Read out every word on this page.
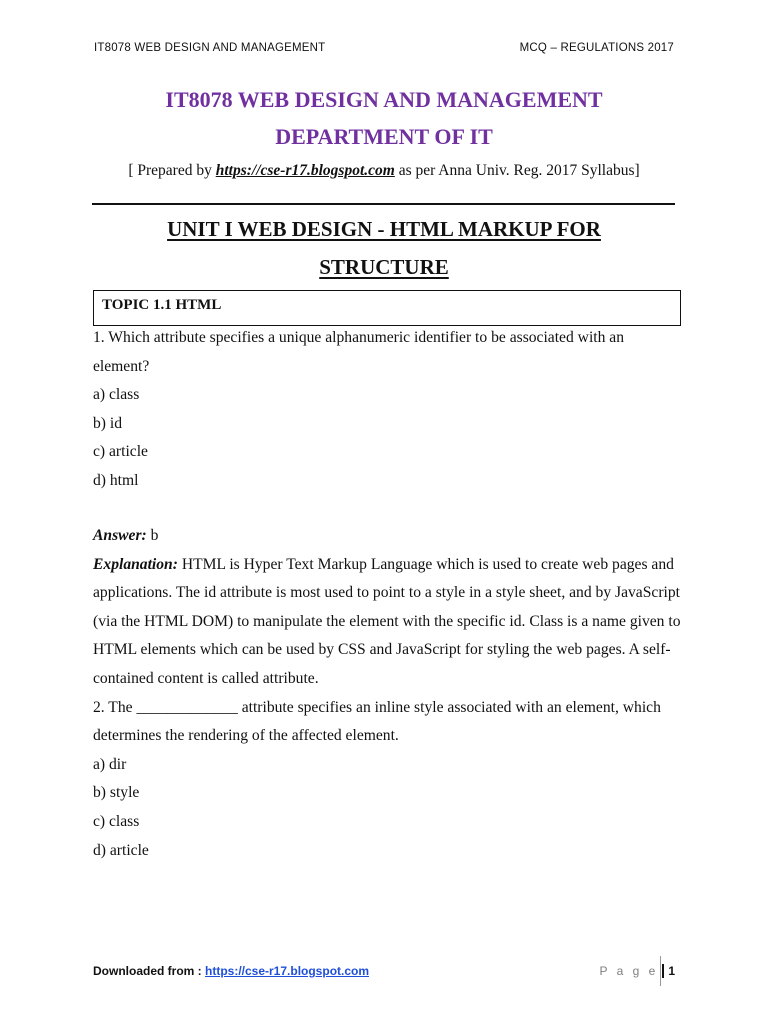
IT8078 WEB DESIGN AND MANAGEMENT	MCQ – REGULATIONS 2017
IT8078 WEB DESIGN AND MANAGEMENT
DEPARTMENT OF IT
[ Prepared by https://cse-r17.blogspot.com as per Anna Univ. Reg. 2017 Syllabus]
UNIT I WEB DESIGN - HTML MARKUP FOR
STRUCTURE
TOPIC 1.1 HTML

1. Which attribute specifies a unique alphanumeric identifier to be associated with an element?

a) class

b) id

c) article

d) html

Answer: b

Explanation: HTML is Hyper Text Markup Language which is used to create web pages and applications. The id attribute is most used to point to a style in a style sheet, and by JavaScript (via the HTML DOM) to manipulate the element with the specific id. Class is a name given to HTML elements which can be used by CSS and JavaScript for styling the web pages. A self-contained content is called attribute.

2. The _____________ attribute specifies an inline style associated with an element, which determines the rendering of the affected element.

a) dir

b) style

c) class

d) article

Downloaded from : https://cse-r17.blogspot.com	P a g e 1
